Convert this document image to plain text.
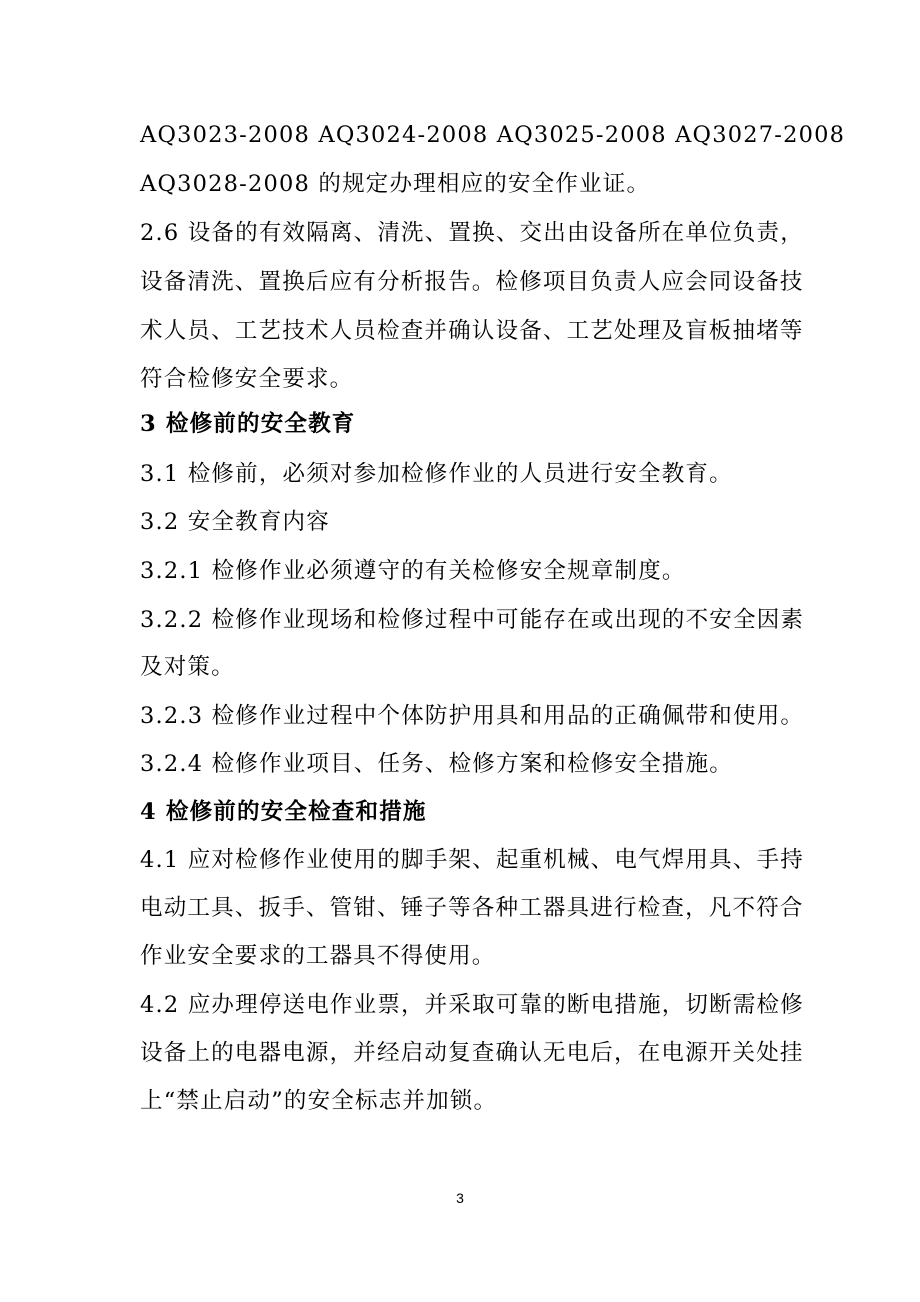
AQ3023-2008 AQ3024-2008 AQ3025-2008 AQ3027-2008
AQ3028-2008 的规定办理相应的安全作业证。
2.6 设备的有效隔离、清洗、置换、交出由设备所在单位负责，
设备清洗、置换后应有分析报告。检修项目负责人应会同设备技
术人员、工艺技术人员检查并确认设备、工艺处理及盲板抽堵等
符合检修安全要求。
3 检修前的安全教育
3.1 检修前，必须对参加检修作业的人员进行安全教育。
3.2 安全教育内容
3.2.1 检修作业必须遵守的有关检修安全规章制度。
3.2.2 检修作业现场和检修过程中可能存在或出现的不安全因素
及对策。
3.2.3 检修作业过程中个体防护用具和用品的正确佩带和使用。
3.2.4 检修作业项目、任务、检修方案和检修安全措施。
4 检修前的安全检查和措施
4.1 应对检修作业使用的脚手架、起重机械、电气焊用具、手持
电动工具、扳手、管钳、锤子等各种工器具进行检查，凡不符合
作业安全要求的工器具不得使用。
4.2 应办理停送电作业票，并采取可靠的断电措施，切断需检修
设备上的电器电源，并经启动复查确认无电后，在电源开关处挂
上“禁止启动”的安全标志并加锁。
3
